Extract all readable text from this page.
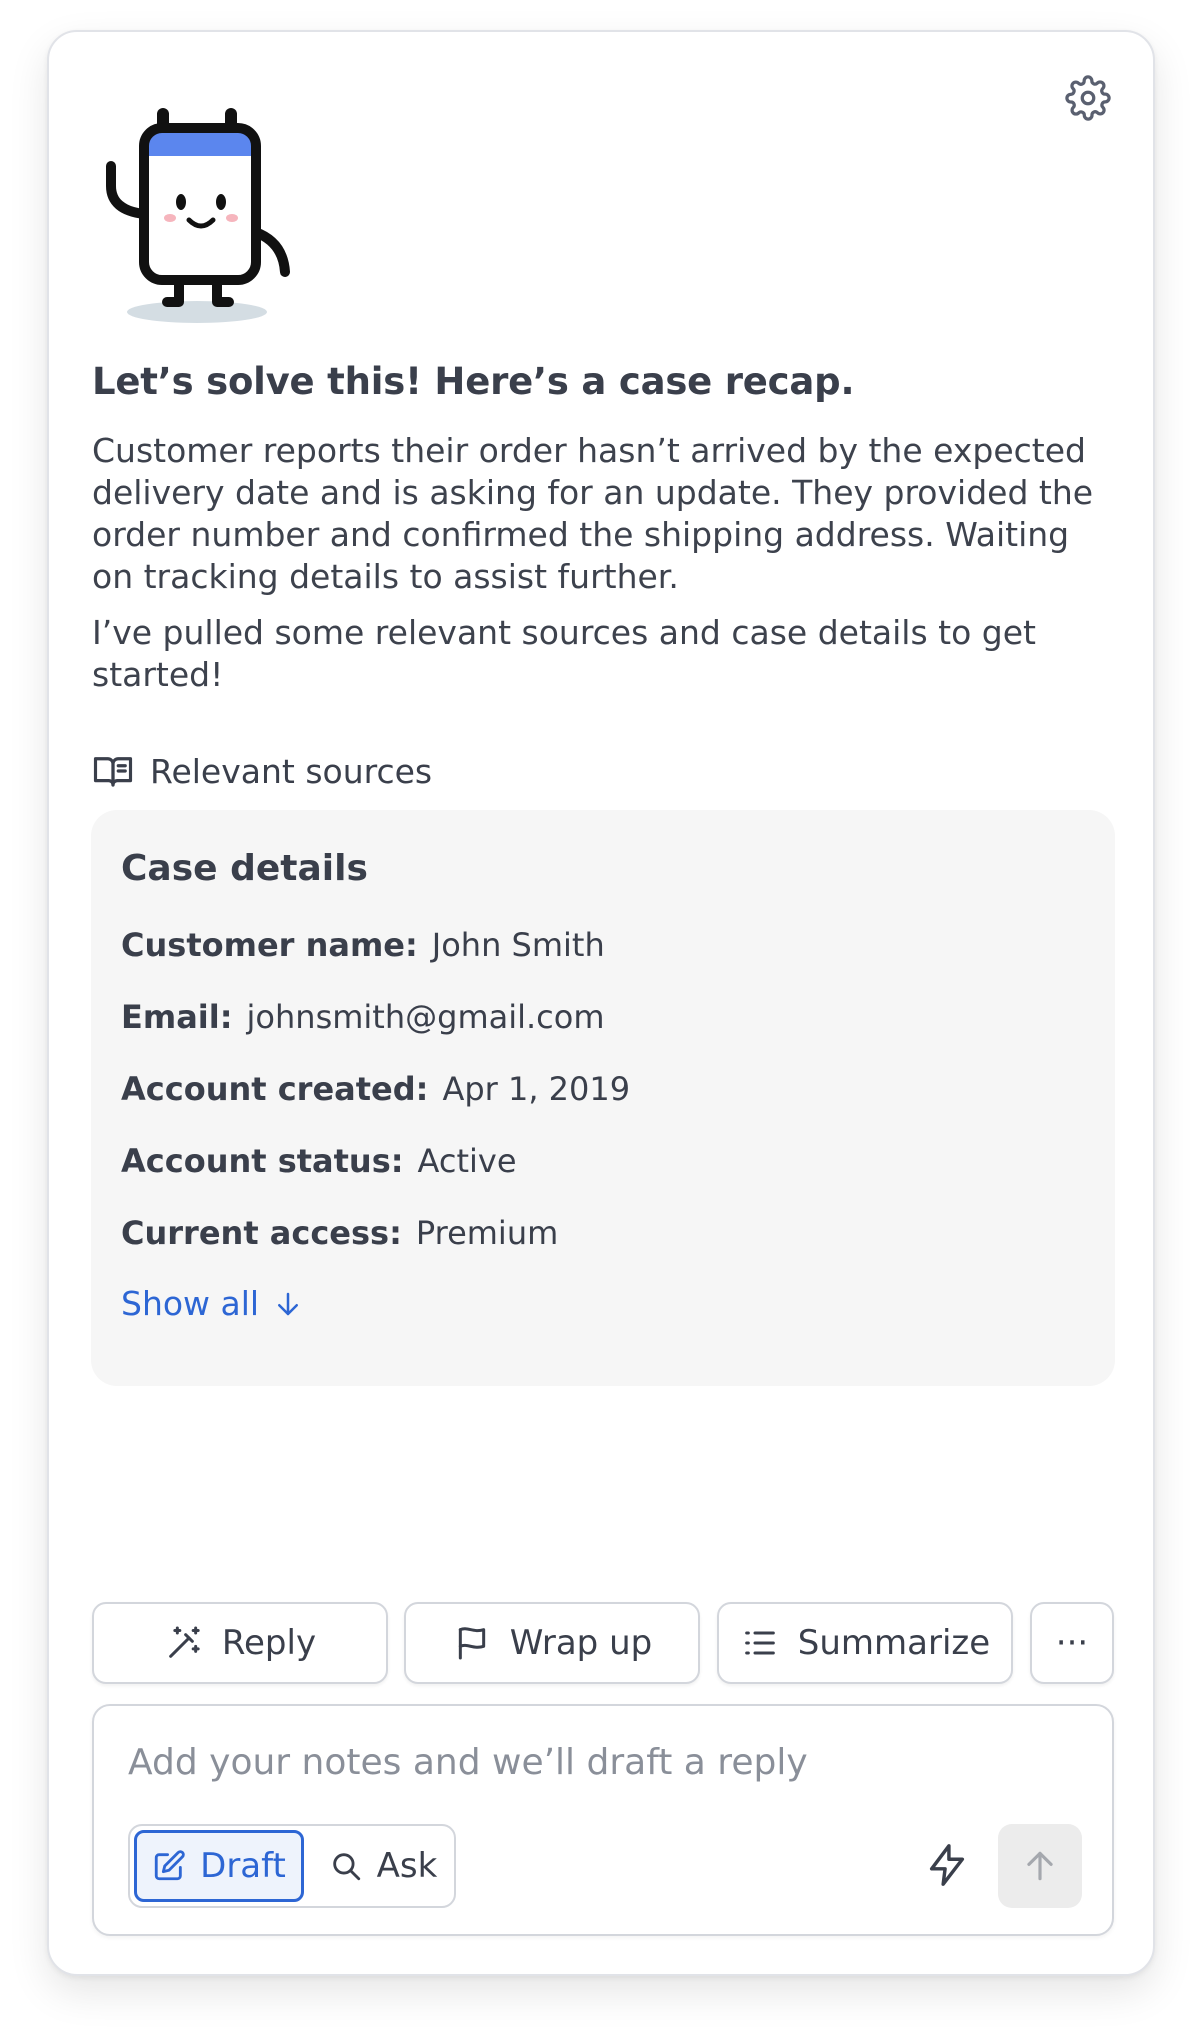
Let’s solve this! Here’s a case recap.
Customer reports their order hasn’t arrived by the expected delivery date and is asking for an update. They provided the order number and confirmed the shipping address. Waiting on tracking details to assist further.
I’ve pulled some relevant sources and case details to get started!
Relevant sources
Case details
Customer name: John Smith
Email: johnsmith@gmail.com
Account created: Apr 1, 2019
Account status: Active
Current access: Premium
Show all
Reply	Wrap up	Summarize ···
Add your notes and we’ll draft a reply
Draft	Ask
